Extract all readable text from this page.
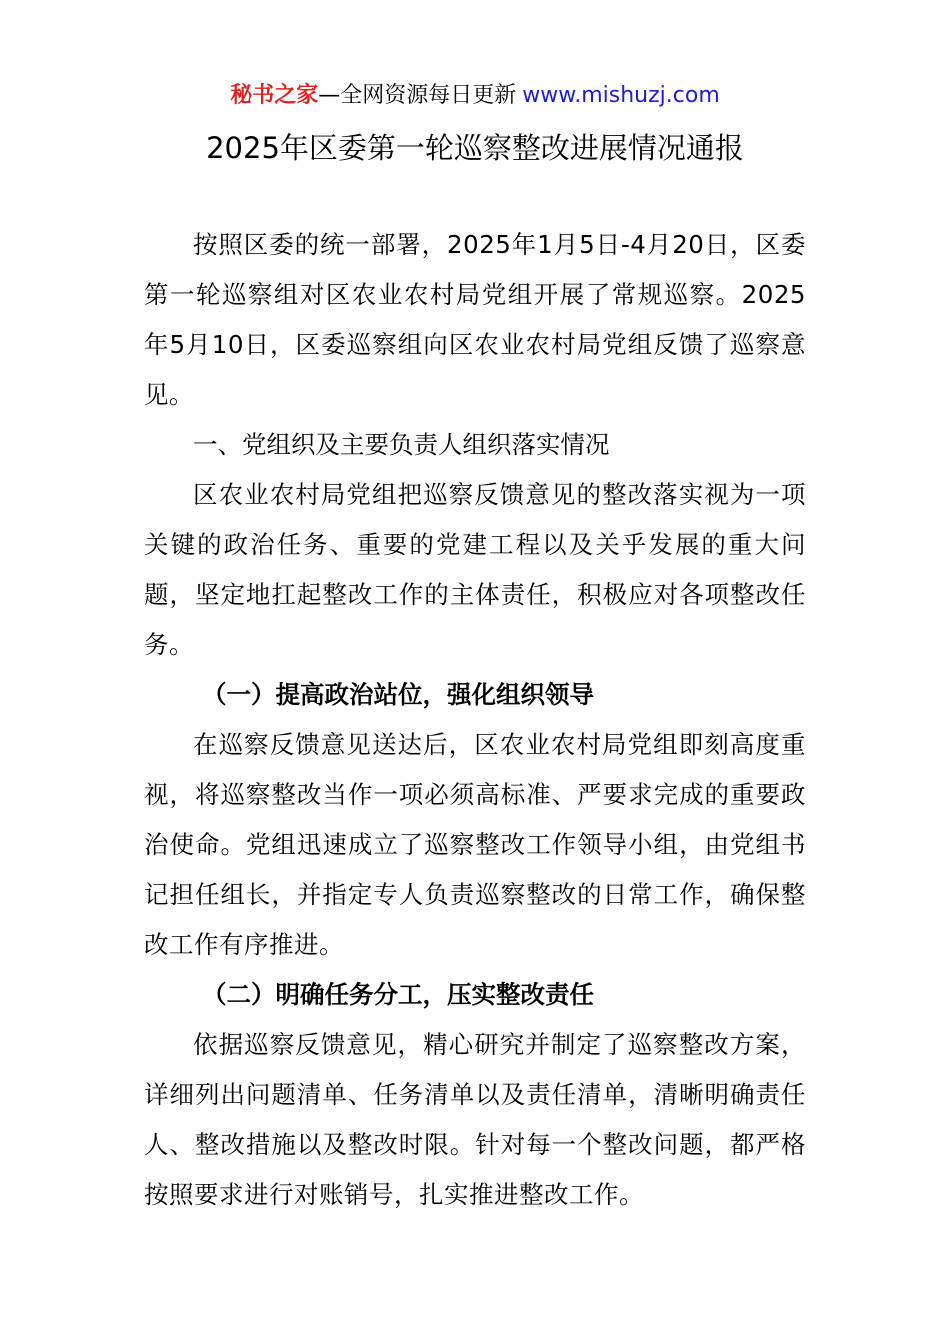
秘书之家—全网资源每日更新 www.mishuzj.com
2025年区委第一轮巡察整改进展情况通报

按照区委的统一部署，2025年1月5日-4月20日，区委第一轮巡察组对区农业农村局党组开展了常规巡察。2025年5月10日，区委巡察组向区农业农村局党组反馈了巡察意见。

一、党组织及主要负责人组织落实情况

区农业农村局党组把巡察反馈意见的整改落实视为一项关键的政治任务、重要的党建工程以及关乎发展的重大问题，坚定地扛起整改工作的主体责任，积极应对各项整改任务。

（一）提高政治站位，强化组织领导

在巡察反馈意见送达后，区农业农村局党组即刻高度重视，将巡察整改当作一项必须高标准、严要求完成的重要政治使命。党组迅速成立了巡察整改工作领导小组，由党组书记担任组长，并指定专人负责巡察整改的日常工作，确保整改工作有序推进。

（二）明确任务分工，压实整改责任

依据巡察反馈意见，精心研究并制定了巡察整改方案，详细列出问题清单、任务清单以及责任清单，清晰明确责任人、整改措施以及整改时限。针对每一个整改问题，都严格按照要求进行对账销号，扎实推进整改工作。
